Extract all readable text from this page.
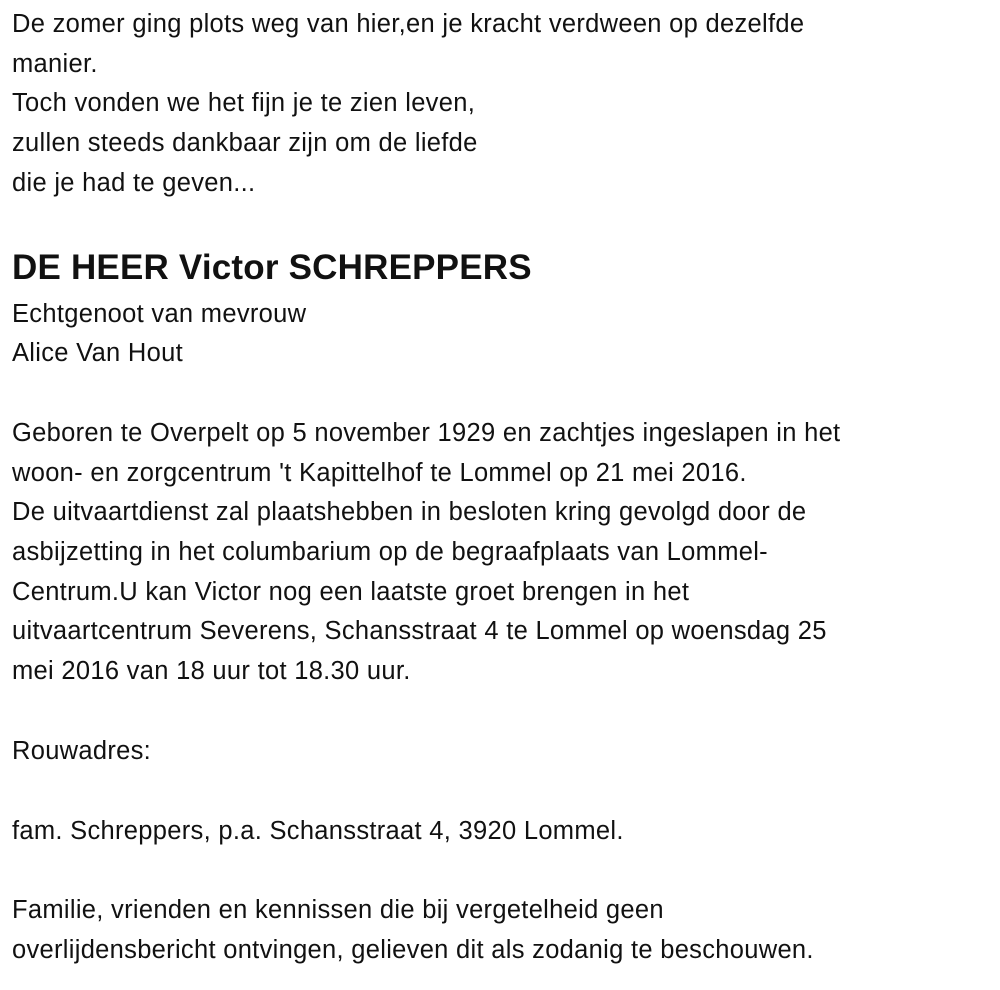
De zomer ging plots weg van hier,en je kracht verdween op dezelfde
manier.
Toch vonden we het fijn je te zien leven,
zullen steeds dankbaar zijn om de liefde
die je had te geven...
DE HEER Victor SCHREPPERS
Echtgenoot van mevrouw
Alice Van Hout
Geboren te Overpelt op 5 november 1929 en zachtjes ingeslapen in het
woon- en zorgcentrum 't Kapittelhof te Lommel op 21 mei 2016.
De uitvaartdienst zal plaatshebben in besloten kring gevolgd door de
asbijzetting in het columbarium op de begraafplaats van Lommel-
Centrum.U kan Victor nog een laatste groet brengen in het
uitvaartcentrum Severens, Schansstraat 4 te Lommel op woensdag 25
mei 2016 van 18 uur tot 18.30 uur.
Rouwadres:
fam. Schreppers, p.a. Schansstraat 4, 3920 Lommel.
Familie, vrienden en kennissen die bij vergetelheid geen
overlijdensbericht ontvingen, gelieven dit als zodanig te beschouwen.
